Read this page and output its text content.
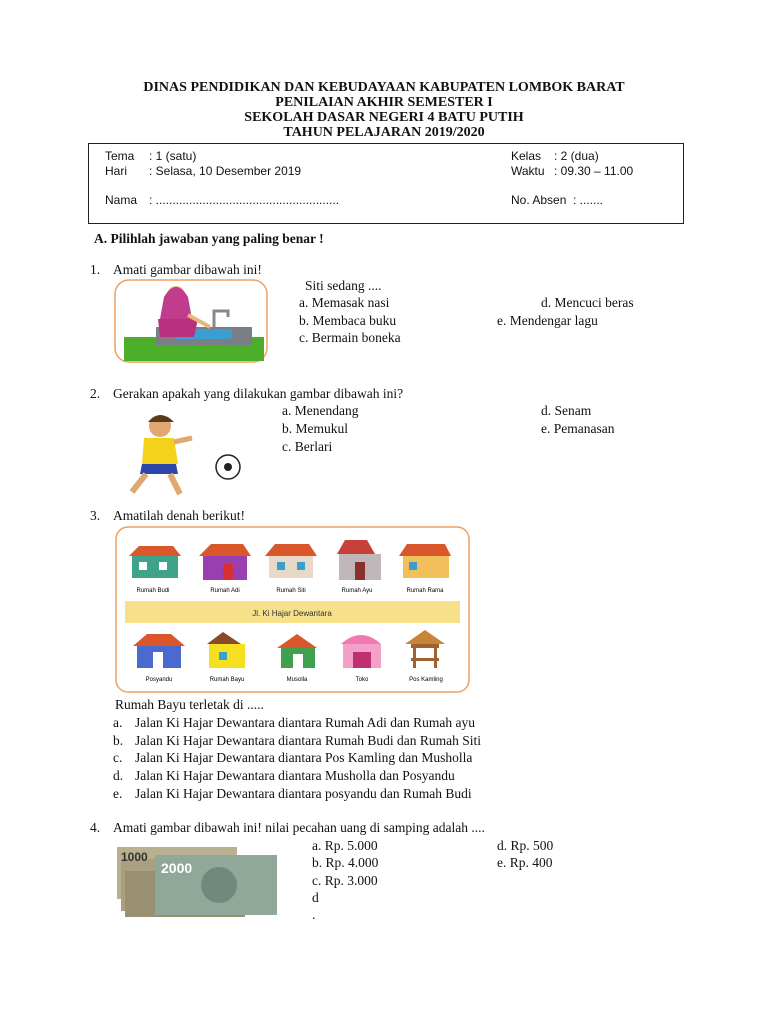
DINAS PENDIDIKAN DAN KEBUDAYAAN KABUPATEN LOMBOK BARAT
PENILAIAN AKHIR SEMESTER I
SEKOLAH DASAR NEGERI 4 BATU PUTIH
TAHUN PELAJARAN 2019/2020
Tema : 1 (satu)
Hari : Selasa, 10 Desember 2019
Nama : .......................................................
Kelas : 2 (dua)
Waktu : 09.30 – 11.00
No. Absen : .......
A. Pilihlah jawaban yang paling benar !
1. Amati gambar dibawah ini!
Siti sedang ....
a. Memasak nasi
b. Membaca buku
c. Bermain boneka
d. Mencuci beras
e. Mendengar lagu
2. Gerakan apakah yang dilakukan gambar dibawah ini?
a. Menendang
b. Memukul
c. Berlari
d. Senam
e. Pemanasan
3. Amatilah denah berikut!
Jl. Ki Hajar Dewantara
Rumah Budi	Rumah Adi	Rumah Siti	Rumah Ayu	Rumah Rama
Posyandu	Rumah Bayu	Musolla	Toko	Pos Kamling
Rumah Bayu terletak di .....
a. Jalan Ki Hajar Dewantara diantara Rumah Adi dan Rumah ayu
b. Jalan Ki Hajar Dewantara diantara Rumah Budi dan Rumah Siti
c. Jalan Ki Hajar Dewantara diantara Pos Kamling dan Musholla
d. Jalan Ki Hajar Dewantara diantara Musholla dan Posyandu
e. Jalan Ki Hajar Dewantara diantara posyandu dan Rumah Budi
4. Amati gambar dibawah ini! nilai pecahan uang di samping adalah ....
1000
2000
a. Rp. 5.000
b. Rp. 4.000
c. Rp. 3.000
d
.
d. Rp. 500
e. Rp. 400
